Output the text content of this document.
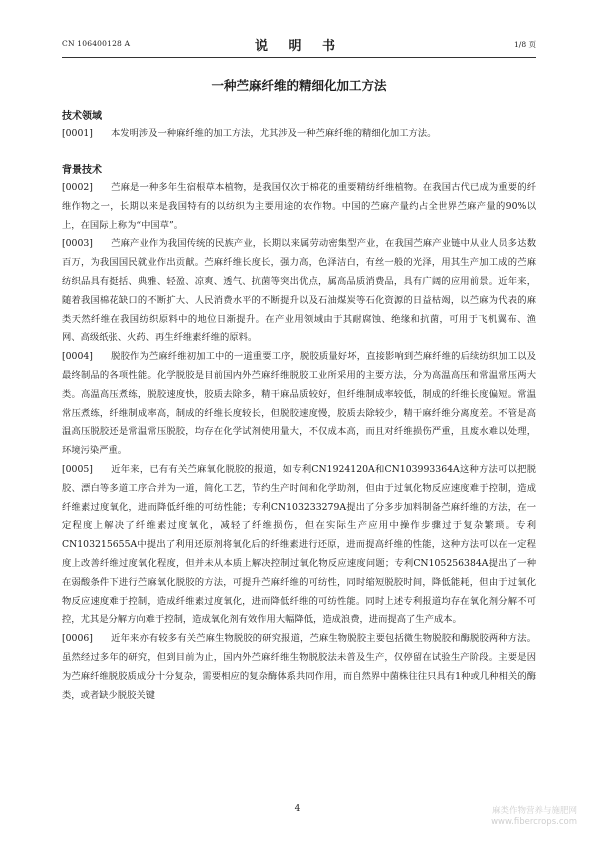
CN 106400128 A	说 明 书	1/8 页
一种苎麻纤维的精细化加工方法
技术领域

[0001] 本发明涉及一种麻纤维的加工方法，尤其涉及一种苎麻纤维的精细化加工方法。

背景技术

[0002] 苎麻是一种多年生宿根草本植物，是我国仅次于棉花的重要精纺纤维植物。在我国古代已成为重要的纤维作物之一，长期以来是我国特有的以纺织为主要用途的农作物。中国的苎麻产量约占全世界苎麻产量的90%以上，在国际上称为“中国草”。

[0003] 苎麻产业作为我国传统的民族产业，长期以来属劳动密集型产业，在我国苎麻产业链中从业人员多达数百万，为我国国民就业作出贡献。苎麻纤维长度长，强力高，色泽洁白，有丝一般的光泽，用其生产加工成的苎麻纺织品具有挺括、典雅、轻盈、凉爽、透气、抗菌等突出优点，属高品质消费品，具有广阔的应用前景。近年来，随着我国棉花缺口的不断扩大、人民消费水平的不断提升以及石油煤炭等石化资源的日益枯竭，以苎麻为代表的麻类天然纤维在我国纺织原料中的地位日渐提升。在产业用领域由于其耐腐蚀、绝缘和抗菌，可用于飞机翼布、渔网、高级纸张、火药、再生纤维素纤维的原料。

[0004] 脱胶作为苎麻纤维初加工中的一道重要工序，脱胶质量好坏，直接影响到苎麻纤维的后续纺织加工以及最终制品的各项性能。化学脱胶是目前国内外苎麻纤维脱胶工业所采用的主要方法，分为高温高压和常温常压两大类。高温高压煮练，脱胶速度快，胶质去除多，精干麻品质较好，但纤维制成率较低，制成的纤维长度偏短。常温常压煮练，纤维制成率高，制成的纤维长度较长，但脱胶速度慢，胶质去除较少，精干麻纤维分离度差。不管是高温高压脱胶还是常温常压脱胶，均存在化学试剂使用量大，不仅成本高，而且对纤维损伤严重，且废水难以处理，环境污染严重。

[0005] 近年来，已有有关苎麻氧化脱胶的报道，如专利CN1924120A和CN103993364A这种方法可以把脱胶、漂白等多道工序合并为一道，简化工艺，节约生产时间和化学助剂，但由于过氧化物反应速度难于控制，造成纤维素过度氧化，进而降低纤维的可纺性能；专利CN103233279A提出了分多步加料制备苎麻纤维的方法，在一定程度上解决了纤维素过度氧化，减轻了纤维损伤，但在实际生产应用中操作步骤过于复杂繁琐。专利CN103215655A中提出了利用还原剂将氧化后的纤维素进行还原，进而提高纤维的性能，这种方法可以在一定程度上改善纤维过度氧化程度，但并未从本质上解决控制过氧化物反应速度问题；专利CN105256384A提出了一种在弱酸条件下进行苎麻氧化脱胶的方法，可提升苎麻纤维的可纺性，同时缩短脱胶时间，降低能耗，但由于过氧化物反应速度难于控制，造成纤维素过度氧化，进而降低纤维的可纺性能。同时上述专利报道均存在氧化剂分解不可控，尤其是分解方向难于控制，造成氧化剂有效作用大幅降低，造成浪费，进而提高了生产成本。

[0006] 近年来亦有较多有关苎麻生物脱胶的研究报道，苎麻生物脱胶主要包括微生物脱胶和酶脱胶两种方法。虽然经过多年的研究，但到目前为止，国内外苎麻纤维生物脱胶法未普及生产，仅停留在试验生产阶段。主要是因为苎麻纤维脱胶质成分十分复杂，需要相应的复杂酶体系共同作用，而自然界中菌株往往只具有1种或几种相关的酶类，或者缺少脱胶关键

4	麻类作物营养与施肥网
www.fibercrops.com
